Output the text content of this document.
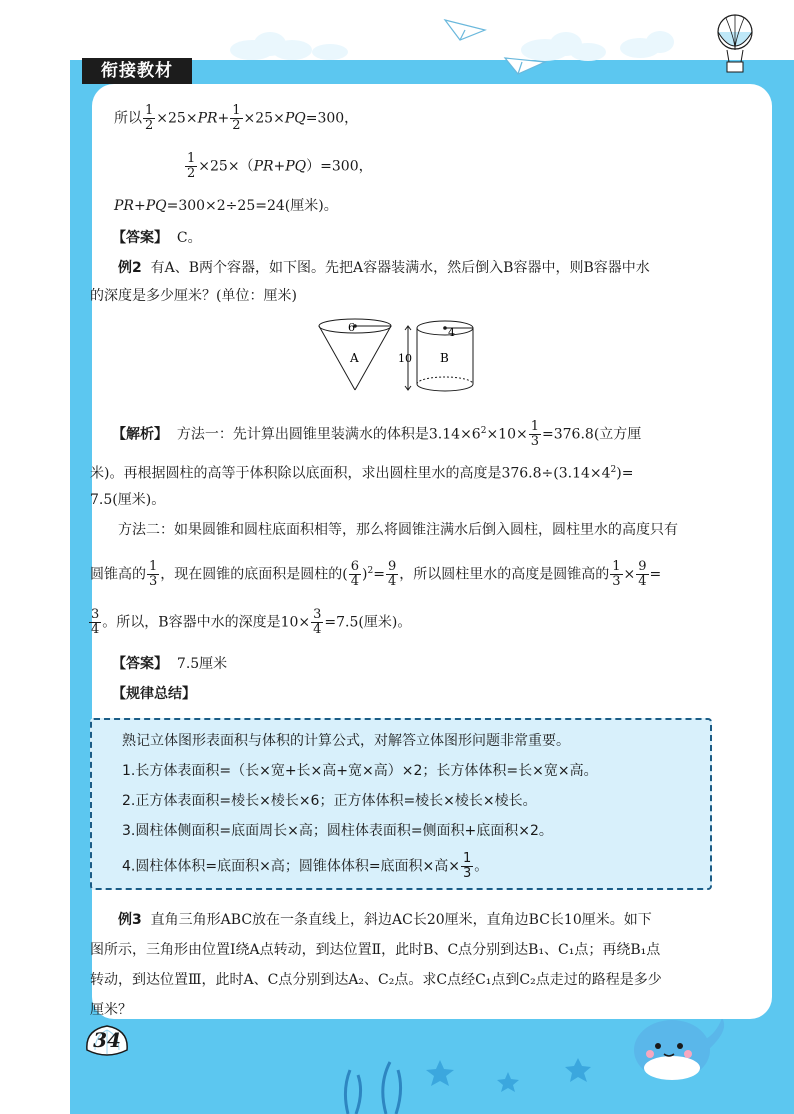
衔接教材
所以 $\frac{1}{2} \times 25\times PR+ \frac{1}{2} \times 25\times PQ=300$，
$\frac{1}{2} \times 25\times(PR+PQ)=300$，
PR+PQ=300×2÷25=24(厘米)。
【答案】 C。
例2 有A、B两个容器，如下图。先把A容器装满水，然后倒入B容器中，则B容器中水
的深度是多少厘米？(单位：厘米)
6
A	10
4
B
【解析】 方法一：先计算出圆锥里装满水的体积是$3.14\times 6^2\times 10\times \frac{1}{3} =376.8$(立方厘
米)。再根据圆柱的高等于体积除以底面积，求出圆柱里水的高度是$376.8\div(3.14\times 4^2)=$
7.5(厘米)。
方法二：如果圆锥和圆柱底面积相等，那么将圆锥注满水后倒入圆柱，圆柱里水的高度只有
圆锥高的 $\frac{1}{3}$ ，现在圆锥的底面积是圆柱的( $\frac{6}{4} )^2= \frac{9}{4}$ ，所以圆柱里水的高度是圆锥高的 $\frac{1}{3} \times \frac{9}{4}$ =
$\frac{3}{4}$ 。所以，B容器中水的深度是$10\times \frac{3}{4} =7.5$(厘米)。
【答案】 7.5厘米
【规律总结】
熟记立体图形表面积与体积的计算公式，对解答立体图形问题非常重要。
1.长方体表面积=（长×宽+长×高+宽×高）×2；长方体体积=长×宽×高。
2.正方体表面积=棱长×棱长×6；正方体体积=棱长×棱长×棱长。
3.圆柱体侧面积=底面周长×高；圆柱体表面积=侧面积+底面积×2。
4.圆柱体体积=底面积×高；圆锥体体积=底面积×高× $\frac{1}{3}$ 。
例3 直角三角形ABC放在一条直线上，斜边AC长20厘米，直角边BC长10厘米。如下
图所示，三角形由位置Ⅰ绕A点转动，到达位置Ⅱ，此时B、C点分别到达B₁、C₁点；再绕B₁点
转动，到达位置Ⅲ，此时A、C点分别到达A₂、C₂点。求C点经C₁点到C₂点走过的路程是多少
厘米？
34
